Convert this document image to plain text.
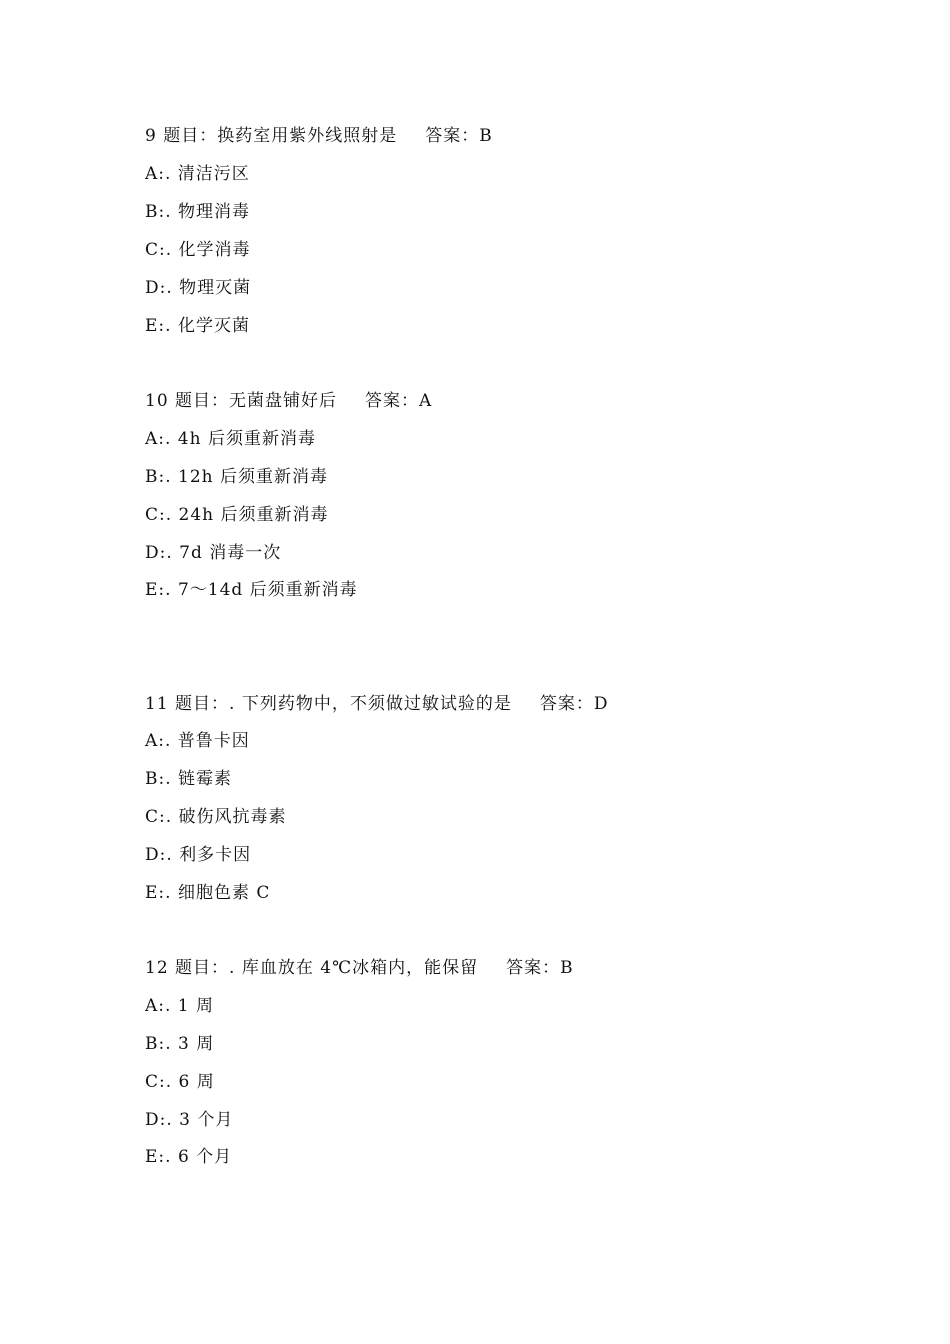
9 题目：换药室用紫外线照射是 答案：B
A:. 清洁污区
B:. 物理消毒
C:. 化学消毒
D:. 物理灭菌
E:. 化学灭菌
10 题目：无菌盘铺好后 答案：A
A:. 4h 后须重新消毒
B:. 12h 后须重新消毒
C:. 24h 后须重新消毒
D:. 7d 消毒一次
E:. 7～14d 后须重新消毒
11 题目：. 下列药物中，不须做过敏试验的是 答案：D
A:. 普鲁卡因
B:. 链霉素
C:. 破伤风抗毒素
D:. 利多卡因
E:. 细胞色素 C
12 题目：. 库血放在 4℃冰箱内，能保留 答案：B
A:. 1 周
B:. 3 周
C:. 6 周
D:. 3 个月
E:. 6 个月
